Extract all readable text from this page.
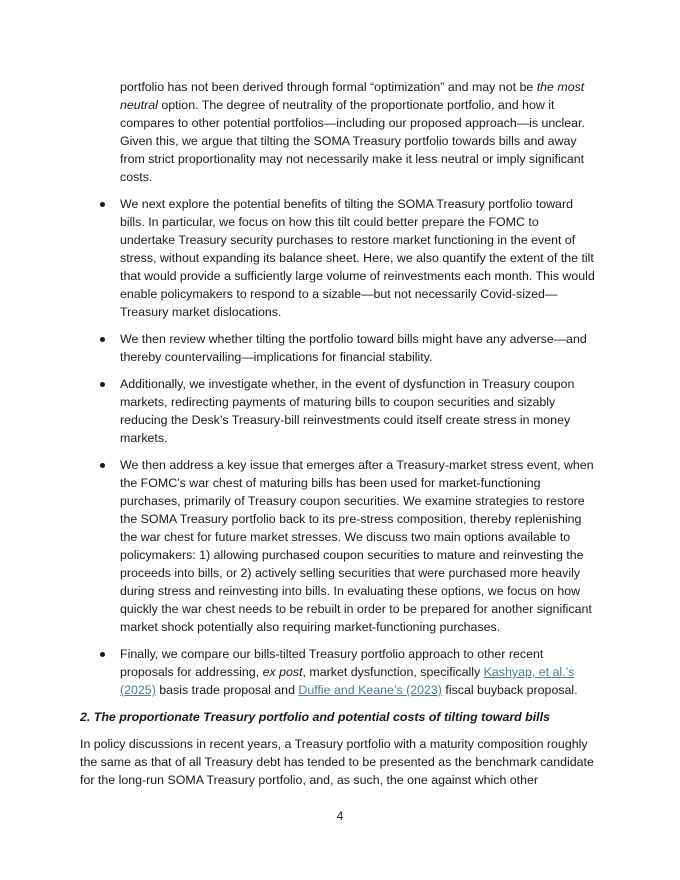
portfolio has not been derived through formal “optimization” and may not be the most
neutral option. The degree of neutrality of the proportionate portfolio, and how it
compares to other potential portfolios—including our proposed approach—is unclear.
Given this, we argue that tilting the SOMA Treasury portfolio towards bills and away
from strict proportionality may not necessarily make it less neutral or imply significant
costs.
We next explore the potential benefits of tilting the SOMA Treasury portfolio toward
bills. In particular, we focus on how this tilt could better prepare the FOMC to
undertake Treasury security purchases to restore market functioning in the event of
stress, without expanding its balance sheet. Here, we also quantify the extent of the tilt
that would provide a sufficiently large volume of reinvestments each month. This would
enable policymakers to respond to a sizable—but not necessarily Covid-sized—
Treasury market dislocations.
We then review whether tilting the portfolio toward bills might have any adverse—and
thereby countervailing—implications for financial stability.
Additionally, we investigate whether, in the event of dysfunction in Treasury coupon
markets, redirecting payments of maturing bills to coupon securities and sizably
reducing the Desk’s Treasury-bill reinvestments could itself create stress in money
markets.
We then address a key issue that emerges after a Treasury-market stress event, when
the FOMC’s war chest of maturing bills has been used for market-functioning
purchases, primarily of Treasury coupon securities. We examine strategies to restore
the SOMA Treasury portfolio back to its pre-stress composition, thereby replenishing
the war chest for future market stresses. We discuss two main options available to
policymakers: 1) allowing purchased coupon securities to mature and reinvesting the
proceeds into bills, or 2) actively selling securities that were purchased more heavily
during stress and reinvesting into bills. In evaluating these options, we focus on how
quickly the war chest needs to be rebuilt in order to be prepared for another significant
market shock potentially also requiring market-functioning purchases.
Finally, we compare our bills-tilted Treasury portfolio approach to other recent
proposals for addressing, ex post, market dysfunction, specifically Kashyap, et al.’s
(2025) basis trade proposal and Duffie and Keane’s (2023) fiscal buyback proposal.
2. The proportionate Treasury portfolio and potential costs of tilting toward bills
In policy discussions in recent years, a Treasury portfolio with a maturity composition roughly
the same as that of all Treasury debt has tended to be presented as the benchmark candidate
for the long-run SOMA Treasury portfolio, and, as such, the one against which other
4
